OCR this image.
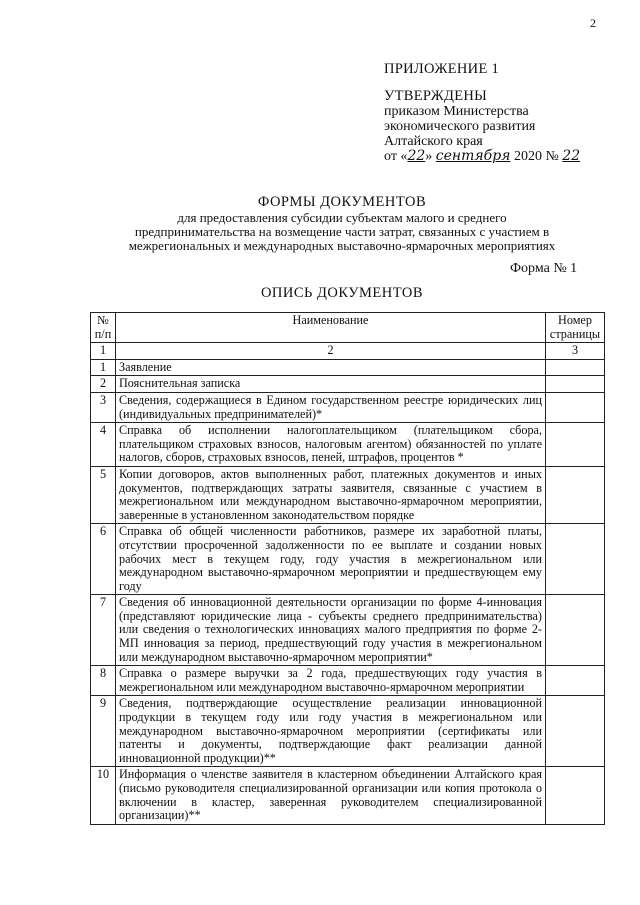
2
ПРИЛОЖЕНИЕ 1
УТВЕРЖДЕНЫ
приказом Министерства
экономического развития
Алтайского края
от «22» сентября 2020 № 22
ФОРМЫ ДОКУМЕНТОВ
для предоставления субсидии субъектам малого и среднего
предпринимательства на возмещение части затрат, связанных с участием в
межрегиональных и международных выставочно-ярмарочных мероприятиях
Форма № 1
ОПИСЬ ДОКУМЕНТОВ
№ п/п	Наименование	Номер страницы
1	2	3
1	Заявление	
2	Пояснительная записка	
3	Сведения, содержащиеся в Едином государственном реестре юридических лиц (индивидуальных предпринимателей)*	
4	Справка об исполнении налогоплательщиком (плательщиком сбора, плательщиком страховых взносов, налоговым агентом) обязанностей по уплате налогов, сборов, страховых взносов, пеней, штрафов, процентов *	
5	Копии договоров, актов выполненных работ, платежных документов и иных документов, подтверждающих затраты заявителя, связанные с участием в межрегиональном или международном выставочно-ярмарочном мероприятии, заверенные в установленном законодательством порядке	
6	Справка об общей численности работников, размере их заработной платы, отсутствии просроченной задолженности по ее выплате и создании новых рабочих мест в текущем году, году участия в межрегиональном или международном выставочно-ярмарочном мероприятии и предшествующем ему году	
7	Сведения об инновационной деятельности организации по форме 4-инновация (представляют юридические лица - субъекты среднего предпринимательства) или сведения о технологических инновациях малого предприятия по форме 2-МП инновация за период, предшествующий году участия в межрегиональном или международном выставочно-ярмарочном мероприятии*	
8	Справка о размере выручки за 2 года, предшествующих году участия в межрегиональном или международном выставочно-ярмарочном мероприятии	
9	Сведения, подтверждающие осуществление реализации инновационной продукции в текущем году или году участия в межрегиональном или международном выставочно-ярмарочном мероприятии (сертификаты или патенты и документы, подтверждающие факт реализации данной инновационной продукции)**	
10	Информация о членстве заявителя в кластерном объединении Алтайского края (письмо руководителя специализированной организации или копия протокола о включении в кластер, заверенная руководителем специализированной организации)**	
